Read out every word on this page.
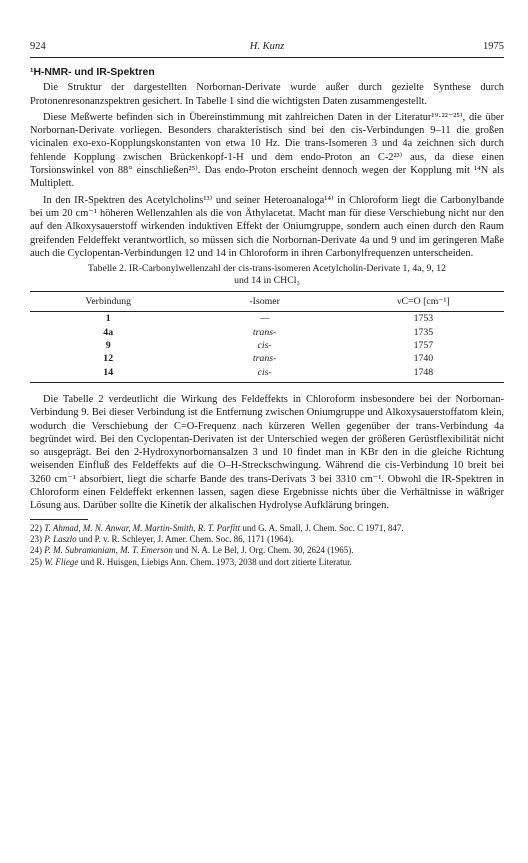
924	H. Kunz	1975
¹H-NMR- und IR-Spektren

Die Struktur der dargestellten Norbornan-Derivate wurde außer durch gezielte Synthese durch Protonenresonanzspektren gesichert. In Tabelle 1 sind die wichtigsten Daten zusammengestellt.

Diese Meßwerte befinden sich in Übereinstimmung mit zahlreichen Daten in der Literatur¹⁹·²²⁻²⁵⁾, die über Norbornan-Derivate vorliegen. Besonders charakteristisch sind bei den cis-Verbindungen 9–11 die großen vicinalen exo-exo-Kopplungskonstanten von etwa 10 Hz. Die trans-Isomeren 3 und 4a zeichnen sich durch fehlende Kopplung zwischen Brückenkopf-1-H und dem endo-Proton an C-2²³⁾ aus, da diese einen Torsionswinkel von 88° einschließen²⁵⁾. Das endo-Proton erscheint dennoch wegen der Kopplung mit ¹⁴N als Multiplett.

In den IR-Spektren des Acetylcholins¹³⁾ und seiner Heteroanaloga¹⁴⁾ in Chloroform liegt die Carbonylbande bei um 20 cm⁻¹ höheren Wellenzahlen als die von Äthylacetat. Macht man für diese Verschiebung nicht nur den auf den Alkoxysauerstoff wirkenden induktiven Effekt der Oniumgruppe, sondern auch einen durch den Raum greifenden Feldeffekt verantwortlich, so müssen sich die Norbornan-Derivate 4a und 9 und im geringeren Maße auch die Cyclopentan-Verbindungen 12 und 14 in Chloroform in ihren Carbonylfrequenzen unterscheiden.

Tabelle 2. IR-Carbonylwellenzahl der cis-trans-isomeren Acetylcholin-Derivate 1, 4a, 9, 12
und 14 in CHCl₃
Verbindung	-Isomer	νC=O [cm⁻¹]
1	—	1753
4a	trans-	1735
9	cis-	1757
12	trans-	1740
14	cis-	1748

Die Tabelle 2 verdeutlicht die Wirkung des Feldeffekts in Chloroform insbesondere bei der Norbornan-Verbindung 9. Bei dieser Verbindung ist die Entfernung zwischen Oniumgruppe und Alkoxysauerstoffatom klein, wodurch die Verschiebung der C=O-Frequenz nach kürzeren Wellen gegenüber der trans-Verbindung 4a begründet wird. Bei den Cyclopentan-Derivaten ist der Unterschied wegen der größeren Gerüstflexibilität nicht so ausgeprägt. Bei den 2-Hydroxynorbornansalzen 3 und 10 findet man in KBr den in die gleiche Richtung weisenden Einfluß des Feldeffekts auf die O–H-Streckschwingung. Während die cis-Verbindung 10 breit bei 3260 cm⁻¹ absorbiert, liegt die scharfe Bande des trans-Derivats 3 bei 3310 cm⁻¹. Obwohl die IR-Spektren in Chloroform einen Feldeffekt erkennen lassen, sagen diese Ergebnisse nichts über die Verhältnisse in wäßriger Lösung aus. Darüber sollte die Kinetik der alkalischen Hydrolyse Aufklärung bringen.

22) T. Ahmad, M. N. Anwar, M. Martin-Smith, R. T. Parfitt und G. A. Small, J. Chem. Soc. C 1971, 847.

23) P. Laszlo und P. v. R. Schleyer, J. Amer. Chem. Soc. 86, 1171 (1964).

24) P. M. Subramaniam, M. T. Emerson und N. A. Le Bel, J. Org. Chem. 30, 2624 (1965).

25) W. Fliege und R. Huisgen, Liebigs Ann. Chem. 1973, 2038 und dort zitierte Literatur.
